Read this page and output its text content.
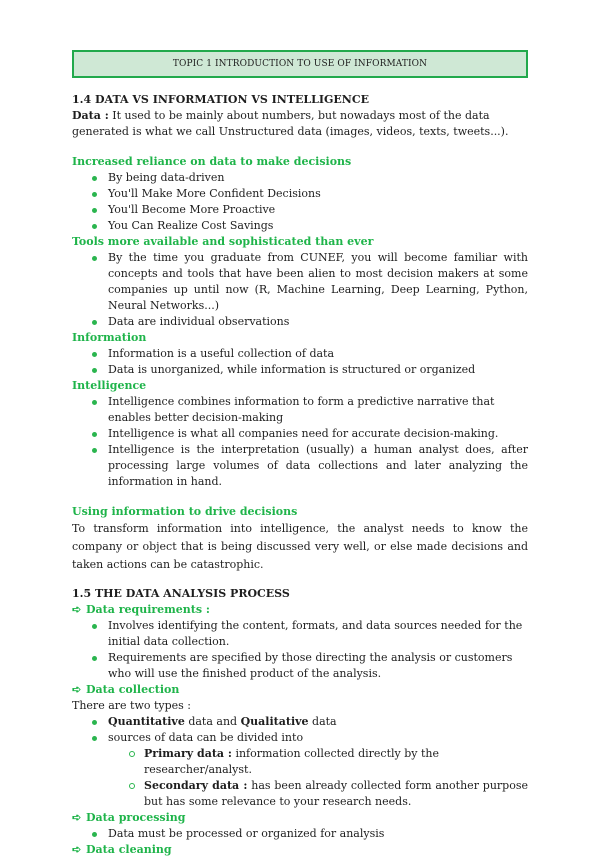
TOPIC 1 INTRODUCTION TO USE OF INFORMATION
1.4 DATA VS INFORMATION VS INTELLIGENCE
Data : It used to be mainly about numbers, but nowadays most of the data generated is what we call Unstructured data (images, videos, texts, tweets...).
Increased reliance on data to make decisions
By being data-driven
You'll Make More Confident Decisions
You'll Become More Proactive
You Can Realize Cost Savings
Tools more available and sophisticated than ever
By the time you graduate from CUNEF, you will become familiar with concepts and tools that have been alien to most decision makers at some companies up until now (R, Machine Learning, Deep Learning, Python, Neural Networks...)
Data are individual observations
Information
Information is a useful collection of data
Data is unorganized, while information is structured or organized
Intelligence
Intelligence combines information to form a predictive narrative that enables better decision-making
Intelligence is what all companies need for accurate decision-making.
Intelligence is the interpretation (usually) a human analyst does, after processing large volumes of data collections and later analyzing the information in hand.
Using information to drive decisions
To transform information into intelligence, the analyst needs to know the company or object that is being discussed very well, or else made decisions and taken actions can be catastrophic.
1.5 THE DATA ANALYSIS PROCESS
➪ Data requirements :
Involves identifying the content, formats, and data sources needed for the initial data collection.
Requirements are specified by those directing the analysis or customers who will use the finished product of the analysis.
➪ Data collection
There are two types :
Quantitative data and Qualitative data
sources of data can be divided into
Primary data : information collected directly by the researcher/analyst.
Secondary data : has been already collected form another purpose but has some relevance to your research needs.
➪ Data processing
Data must be processed or organized for analysis
➪ Data cleaning
